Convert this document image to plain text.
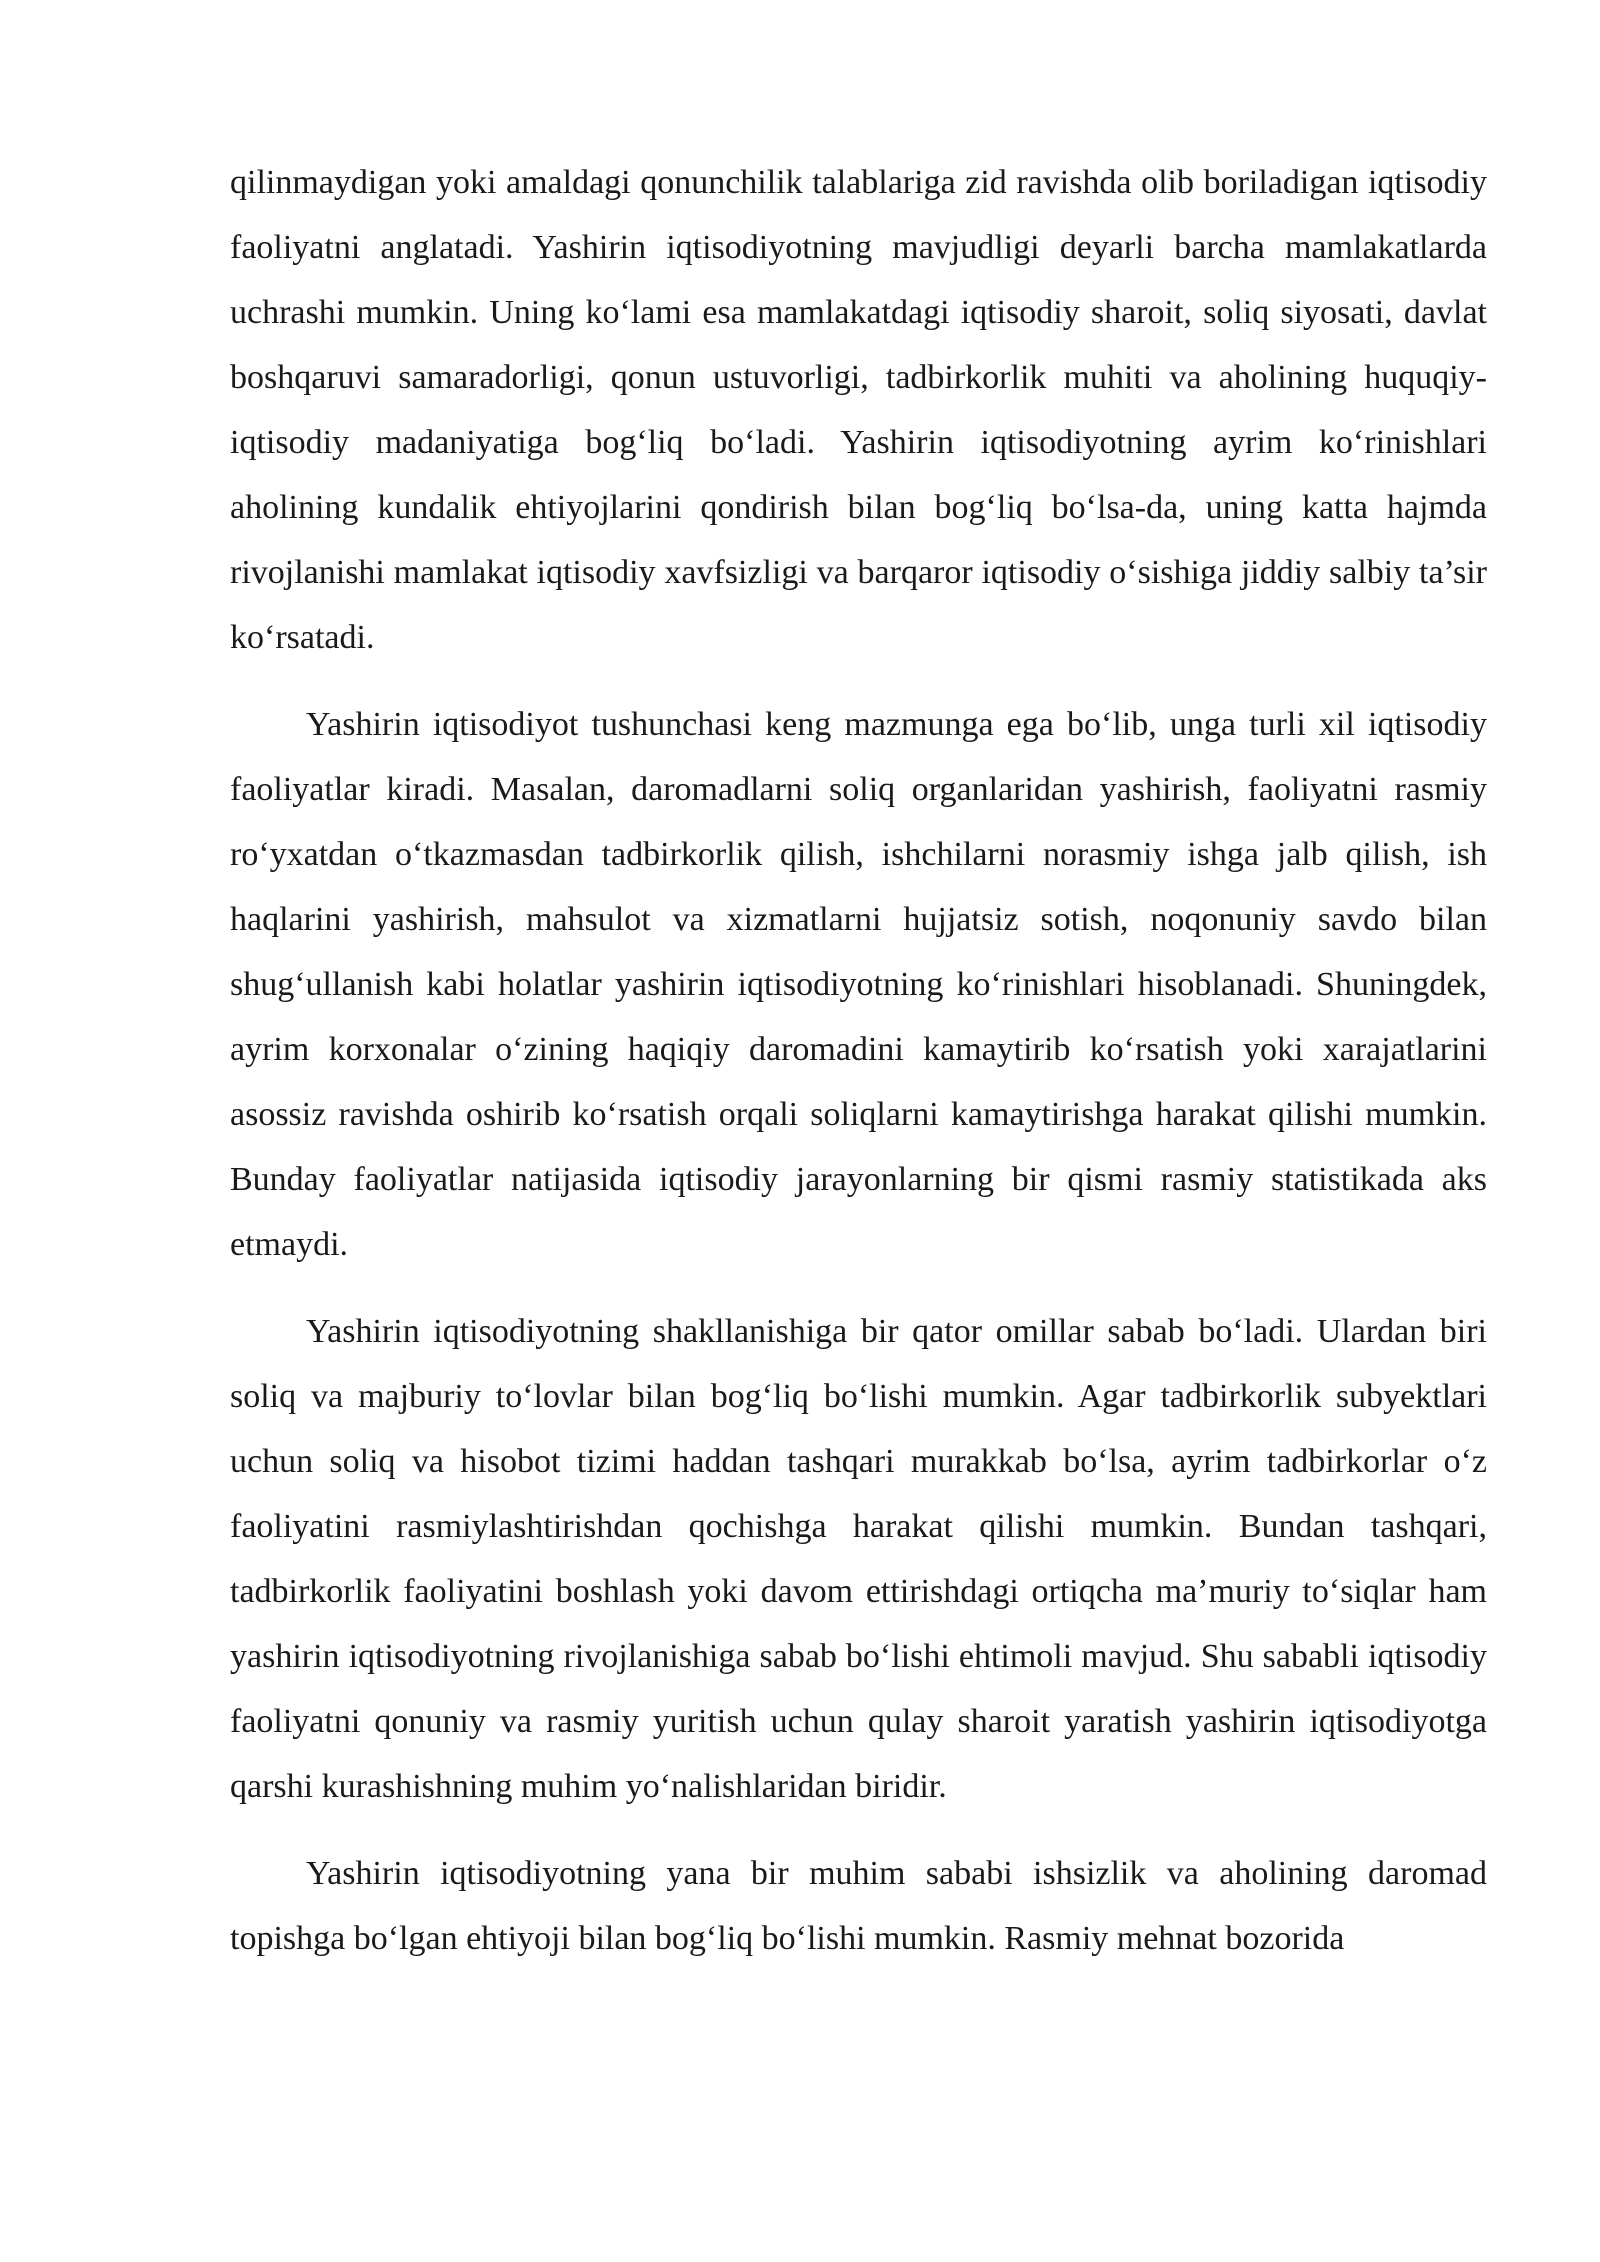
qilinmaydigan yoki amaldagi qonunchilik talablariga zid ravishda olib boriladigan iqtisodiy faoliyatni anglatadi. Yashirin iqtisodiyotning mavjudligi deyarli barcha mamlakatlarda uchrashi mumkin. Uning koʻlami esa mamlakatdagi iqtisodiy sharoit, soliq siyosati, davlat boshqaruvi samaradorligi, qonun ustuvorligi, tadbirkorlik muhiti va aholining huquqiy-iqtisodiy madaniyatiga bogʻliq boʻladi. Yashirin iqtisodiyotning ayrim koʻrinishlari aholining kundalik ehtiyojlarini qondirish bilan bogʻliq boʻlsa-da, uning katta hajmda rivojlanishi mamlakat iqtisodiy xavfsizligi va barqaror iqtisodiy oʻsishiga jiddiy salbiy ta’sir koʻrsatadi.

Yashirin iqtisodiyot tushunchasi keng mazmunga ega boʻlib, unga turli xil iqtisodiy faoliyatlar kiradi. Masalan, daromadlarni soliq organlaridan yashirish, faoliyatni rasmiy roʻyxatdan oʻtkazmasdan tadbirkorlik qilish, ishchilarni norasmiy ishga jalb qilish, ish haqlarini yashirish, mahsulot va xizmatlarni hujjatsiz sotish, noqonuniy savdo bilan shugʻullanish kabi holatlar yashirin iqtisodiyotning koʻrinishlari hisoblanadi. Shuningdek, ayrim korxonalar oʻzining haqiqiy daromadini kamaytirib koʻrsatish yoki xarajatlarini asossiz ravishda oshirib koʻrsatish orqali soliqlarni kamaytirishga harakat qilishi mumkin. Bunday faoliyatlar natijasida iqtisodiy jarayonlarning bir qismi rasmiy statistikada aks etmaydi.

Yashirin iqtisodiyotning shakllanishiga bir qator omillar sabab boʻladi. Ulardan biri soliq va majburiy toʻlovlar bilan bogʻliq boʻlishi mumkin. Agar tadbirkorlik subyektlari uchun soliq va hisobot tizimi haddan tashqari murakkab boʻlsa, ayrim tadbirkorlar oʻz faoliyatini rasmiylashtirishdan qochishga harakat qilishi mumkin. Bundan tashqari, tadbirkorlik faoliyatini boshlash yoki davom ettirishdagi ortiqcha ma’muriy toʻsiqlar ham yashirin iqtisodiyotning rivojlanishiga sabab boʻlishi ehtimoli mavjud. Shu sababli iqtisodiy faoliyatni qonuniy va rasmiy yuritish uchun qulay sharoit yaratish yashirin iqtisodiyotga qarshi kurashishning muhim yoʻnalishlaridan biridir.

Yashirin iqtisodiyotning yana bir muhim sababi ishsizlik va aholining daromad topishga boʻlgan ehtiyoji bilan bogʻliq boʻlishi mumkin. Rasmiy mehnat bozorida
